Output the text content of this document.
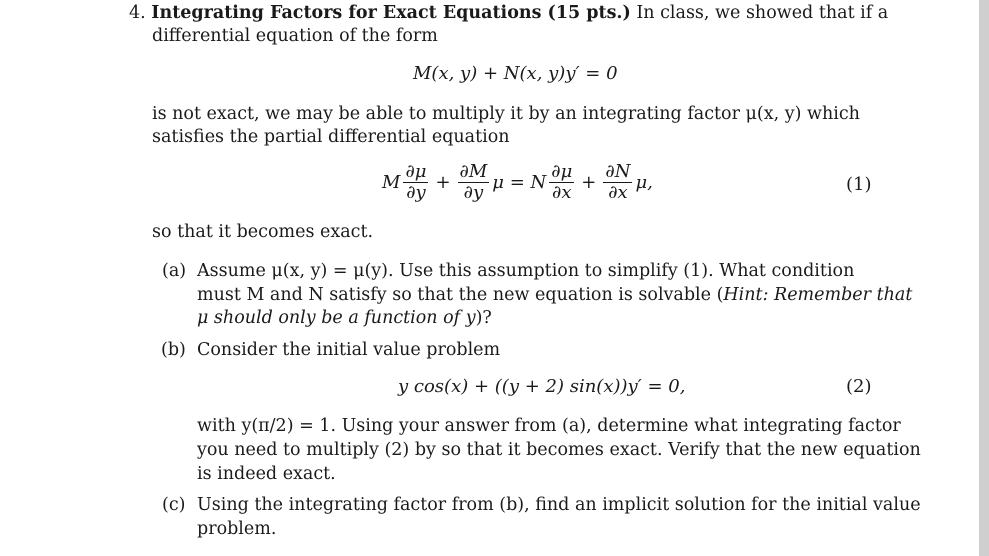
4. Integrating Factors for Exact Equations (15 pts.) In class, we showed that if a
differential equation of the form
M(x, y) + N(x, y)y′ = 0
is not exact, we may be able to multiply it by an integrating factor μ(x, y) which
satisfies the partial differential equation
M $\frac{\partial\mu}{\partial y} + \frac{\partial M}{\partial y}$ μ = N $\frac{\partial\mu}{\partial x} + \frac{\partial N}{\partial x} \mu$,	(1)
so that it becomes exact.
(a) Assume μ(x, y) = μ(y). Use this assumption to simplify (1). What condition
must M and N satisfy so that the new equation is solvable (Hint: Remember that
μ should only be a function of y)?
(b) Consider the initial value problem
y cos(x) + ((y + 2) sin(x))y′ = 0,	(2)
with y(π/2) = 1. Using your answer from (a), determine what integrating factor
you need to multiply (2) by so that it becomes exact. Verify that the new equation
is indeed exact.
(c) Using the integrating factor from (b), find an implicit solution for the initial value
problem.
